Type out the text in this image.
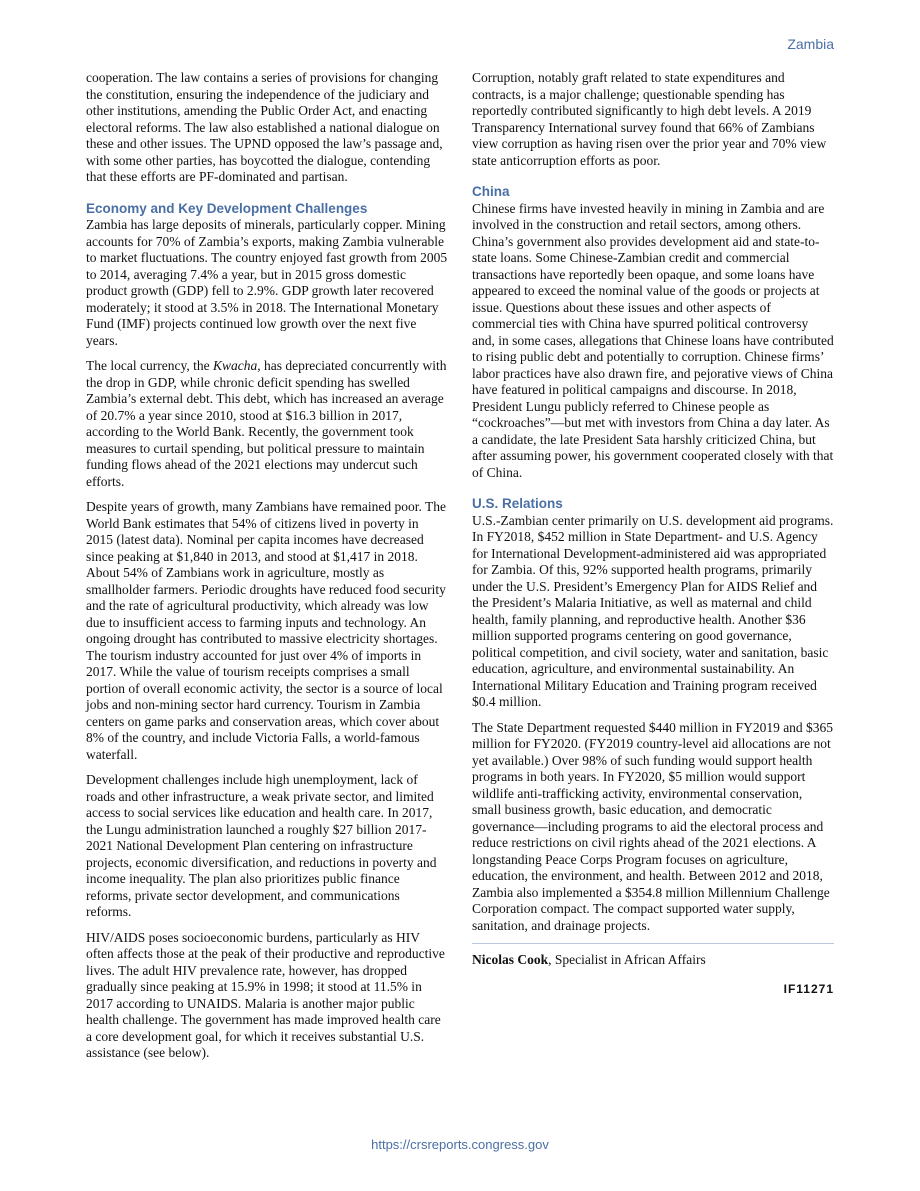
Zambia

cooperation. The law contains a series of provisions for changing the constitution, ensuring the independence of the judiciary and other institutions, amending the Public Order Act, and enacting electoral reforms. The law also established a national dialogue on these and other issues. The UPND opposed the law’s passage and, with some other parties, has boycotted the dialogue, contending that these efforts are PF-dominated and partisan.

Economy and Key Development Challenges

Zambia has large deposits of minerals, particularly copper. Mining accounts for 70% of Zambia’s exports, making Zambia vulnerable to market fluctuations. The country enjoyed fast growth from 2005 to 2014, averaging 7.4% a year, but in 2015 gross domestic product growth (GDP) fell to 2.9%. GDP growth later recovered moderately; it stood at 3.5% in 2018. The International Monetary Fund (IMF) projects continued low growth over the next five years.

The local currency, the Kwacha, has depreciated concurrently with the drop in GDP, while chronic deficit spending has swelled Zambia’s external debt. This debt, which has increased an average of 20.7% a year since 2010, stood at $16.3 billion in 2017, according to the World Bank. Recently, the government took measures to curtail spending, but political pressure to maintain funding flows ahead of the 2021 elections may undercut such efforts.

Despite years of growth, many Zambians have remained poor. The World Bank estimates that 54% of citizens lived in poverty in 2015 (latest data). Nominal per capita incomes have decreased since peaking at $1,840 in 2013, and stood at $1,417 in 2018. About 54% of Zambians work in agriculture, mostly as smallholder farmers. Periodic droughts have reduced food security and the rate of agricultural productivity, which already was low due to insufficient access to farming inputs and technology. An ongoing drought has contributed to massive electricity shortages. The tourism industry accounted for just over 4% of imports in 2017. While the value of tourism receipts comprises a small portion of overall economic activity, the sector is a source of local jobs and non-mining sector hard currency. Tourism in Zambia centers on game parks and conservation areas, which cover about 8% of the country, and include Victoria Falls, a world-famous waterfall.

Development challenges include high unemployment, lack of roads and other infrastructure, a weak private sector, and limited access to social services like education and health care. In 2017, the Lungu administration launched a roughly $27 billion 2017-2021 National Development Plan centering on infrastructure projects, economic diversification, and reductions in poverty and income inequality. The plan also prioritizes public finance reforms, private sector development, and communications reforms.

HIV/AIDS poses socioeconomic burdens, particularly as HIV often affects those at the peak of their productive and reproductive lives. The adult HIV prevalence rate, however, has dropped gradually since peaking at 15.9% in 1998; it stood at 11.5% in 2017 according to UNAIDS. Malaria is another major public health challenge. The government has made improved health care a core development goal, for which it receives substantial U.S. assistance (see below).

Corruption, notably graft related to state expenditures and contracts, is a major challenge; questionable spending has reportedly contributed significantly to high debt levels. A 2019 Transparency International survey found that 66% of Zambians view corruption as having risen over the prior year and 70% view state anticorruption efforts as poor.

China

Chinese firms have invested heavily in mining in Zambia and are involved in the construction and retail sectors, among others. China’s government also provides development aid and state-to-state loans. Some Chinese-Zambian credit and commercial transactions have reportedly been opaque, and some loans have appeared to exceed the nominal value of the goods or projects at issue. Questions about these issues and other aspects of commercial ties with China have spurred political controversy and, in some cases, allegations that Chinese loans have contributed to rising public debt and potentially to corruption. Chinese firms’ labor practices have also drawn fire, and pejorative views of China have featured in political campaigns and discourse. In 2018, President Lungu publicly referred to Chinese people as “cockroaches”—but met with investors from China a day later. As a candidate, the late President Sata harshly criticized China, but after assuming power, his government cooperated closely with that of China.

U.S. Relations

U.S.-Zambian center primarily on U.S. development aid programs. In FY2018, $452 million in State Department- and U.S. Agency for International Development-administered aid was appropriated for Zambia. Of this, 92% supported health programs, primarily under the U.S. President’s Emergency Plan for AIDS Relief and the President’s Malaria Initiative, as well as maternal and child health, family planning, and reproductive health. Another $36 million supported programs centering on good governance, political competition, and civil society, water and sanitation, basic education, agriculture, and environmental sustainability. An International Military Education and Training program received $0.4 million.

The State Department requested $440 million in FY2019 and $365 million for FY2020. (FY2019 country-level aid allocations are not yet available.) Over 98% of such funding would support health programs in both years. In FY2020, $5 million would support wildlife anti-trafficking activity, environmental conservation, small business growth, basic education, and democratic governance—including programs to aid the electoral process and reduce restrictions on civil rights ahead of the 2021 elections. A longstanding Peace Corps Program focuses on agriculture, education, the environment, and health. Between 2012 and 2018, Zambia also implemented a $354.8 million Millennium Challenge Corporation compact. The compact supported water supply, sanitation, and drainage projects.

Nicolas Cook, Specialist in African Affairs

IF11271
https://crsreports.congress.gov
